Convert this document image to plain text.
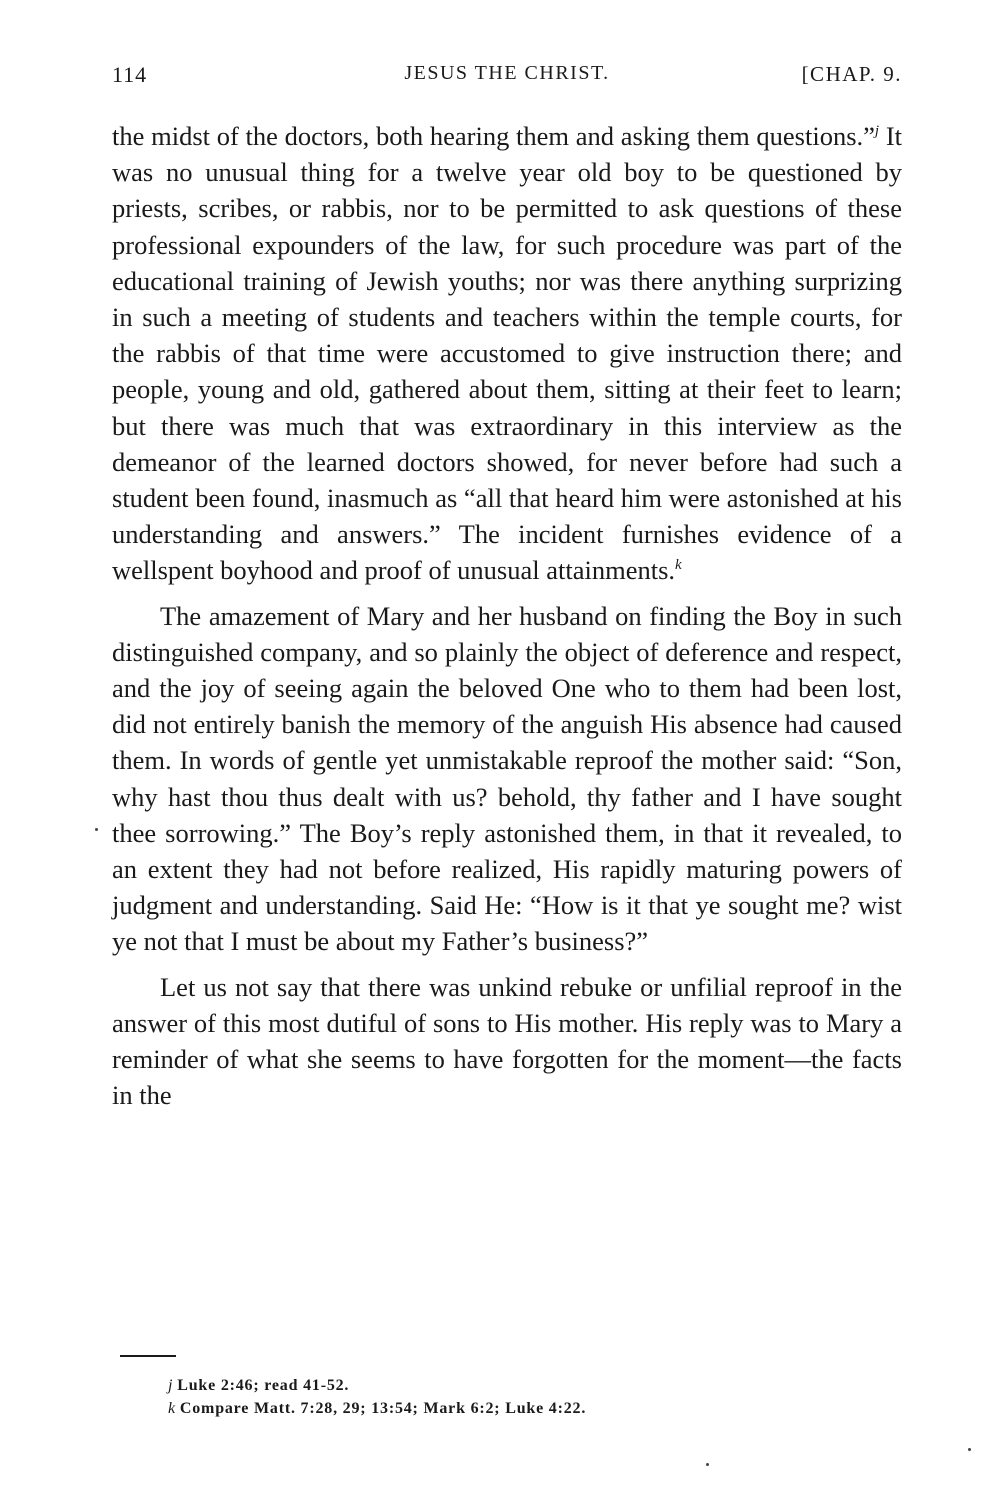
114	JESUS THE CHRIST.	[CHAP. 9.

the midst of the doctors, both hearing them and asking them questions.”$^j$ It was no unusual thing for a twelve year old boy to be questioned by priests, scribes, or rabbis, nor to be permitted to ask questions of these professional expounders of the law, for such procedure was part of the educational training of Jewish youths; nor was there anything surprizing in such a meeting of students and teachers within the temple courts, for the rabbis of that time were accustomed to give instruction there; and people, young and old, gathered about them, sitting at their feet to learn; but there was much that was extraordinary in this interview as the demeanor of the learned doctors showed, for never before had such a student been found, inasmuch as “all that heard him were astonished at his understanding and answers.” The incident furnishes evidence of a wellspent boyhood and proof of unusual attainments.$^k$

The amazement of Mary and her husband on finding the Boy in such distinguished company, and so plainly the object of deference and respect, and the joy of seeing again the beloved One who to them had been lost, did not entirely banish the memory of the anguish His absence had caused them. In words of gentle yet unmistakable reproof the mother said: “Son, why hast thou thus dealt with us? behold, thy father and I have sought thee sorrowing.” The Boy’s reply astonished them, in that it revealed, to an extent they had not before realized, His rapidly maturing powers of judgment and understanding. Said He: “How is it that ye sought me? wist ye not that I must be about my Father’s business?”

Let us not say that there was unkind rebuke or unfilial reproof in the answer of this most dutiful of sons to His mother. His reply was to Mary a reminder of what she seems to have forgotten for the moment—the facts in the

j Luke 2:46; read 41-52.
k Compare Matt. 7:28, 29; 13:54; Mark 6:2; Luke 4:22.
